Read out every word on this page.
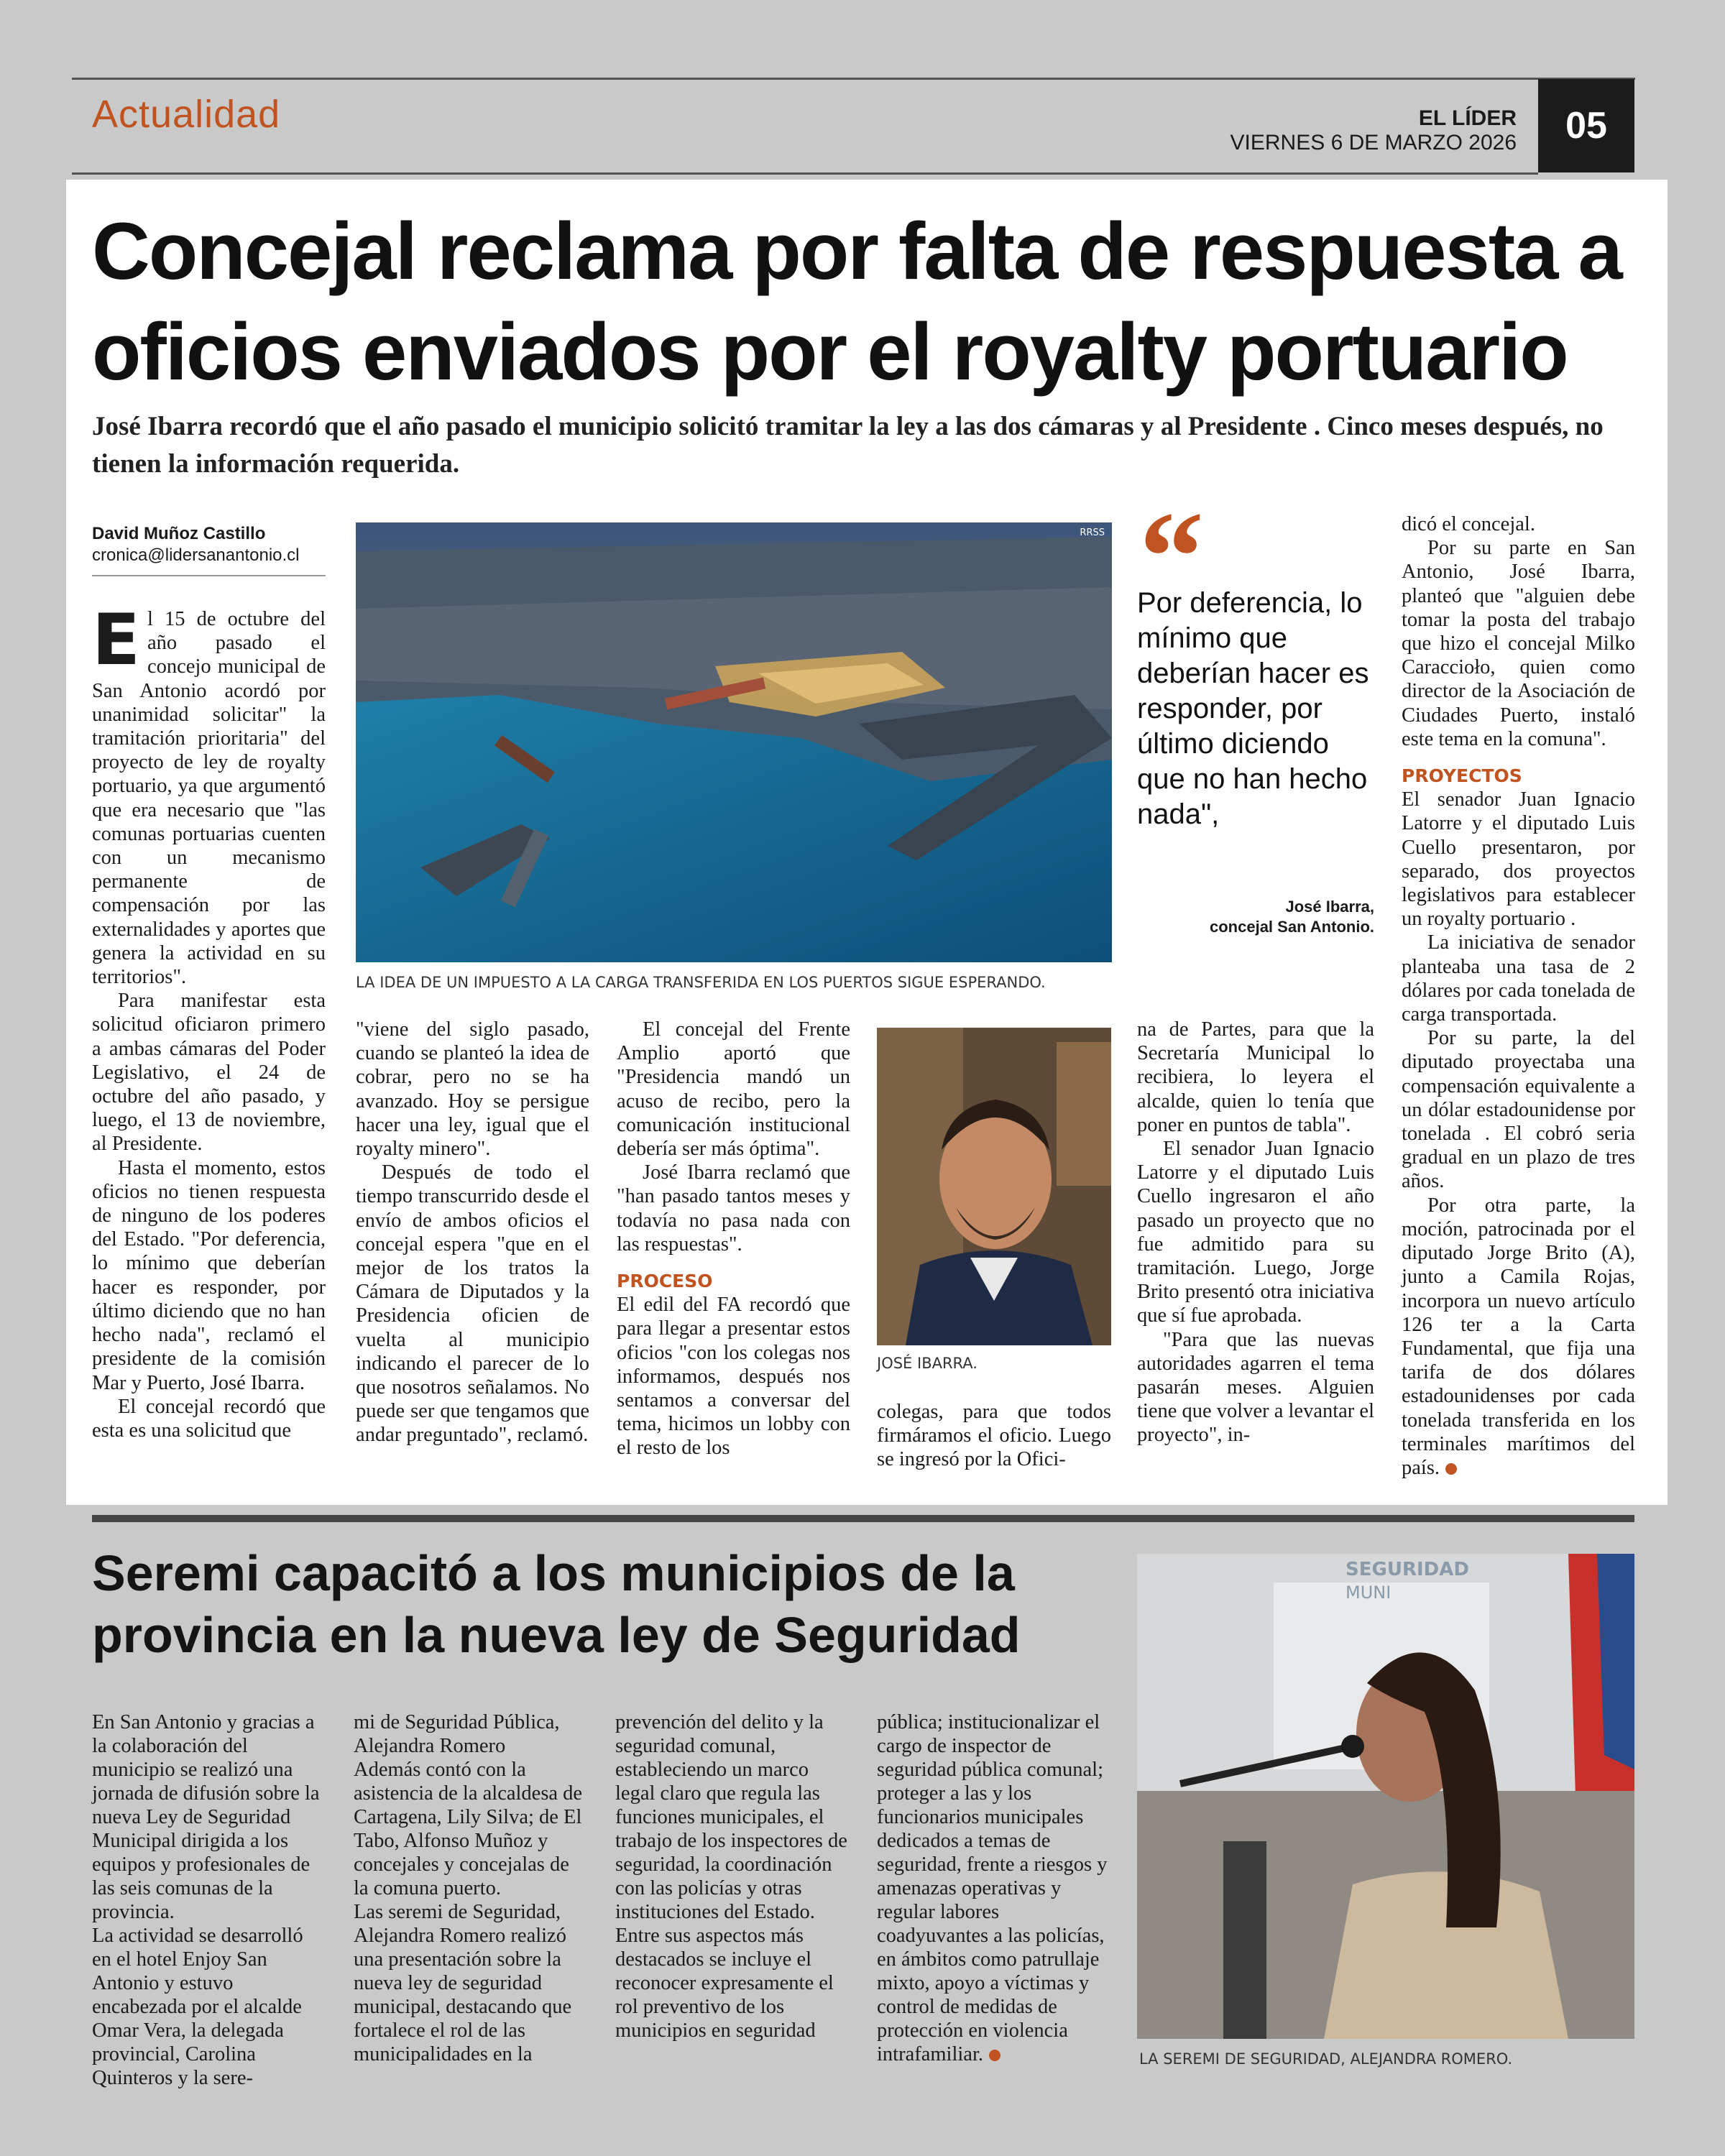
Actualidad	EL LÍDER
VIERNES 6 DE MARZO 2026	05
Concejal reclama por falta de respuesta a oficios enviados por el royalty portuario
José Ibarra recordó que el año pasado el municipio solicitó tramitar la ley a las dos cámaras y al Presidente . Cinco meses después, no tienen la información requerida.
David Muñoz Castillo
cronica@lidersanantonio.cl

El 15 de octubre del año pasado el concejo municipal de San Antonio acordó por unanimidad solicitar" la tramitación prioritaria" del proyecto de ley de royalty portuario, ya que argumentó que era necesario que "las comunas portuarias cuenten con un mecanismo permanente de compensación por las externalidades y aportes que genera la actividad en su territorios".

Para manifestar esta solicitud oficiaron primero a ambas cámaras del Poder Legislativo, el 24 de octubre del año pasado, y luego, el 13 de noviembre, al Presidente.

Hasta el momento, estos oficios no tienen respuesta de ninguno de los poderes del Estado. "Por deferencia, lo mínimo que deberían hacer es responder, por último diciendo que no han hecho nada", reclamó el presidente de la comisión Mar y Puerto, José Ibarra.

El concejal recordó que esta es una solicitud que

RRSS
LA IDEA DE UN IMPUESTO A LA CARGA TRANSFERIDA EN LOS PUERTOS SIGUE ESPERANDO.

"viene del siglo pasado, cuando se planteó la idea de cobrar, pero no se ha avanzado. Hoy se persigue hacer una ley, igual que el royalty minero".

Después de todo el tiempo transcurrido desde el envío de ambos oficios el concejal espera "que en el mejor de los tratos la Cámara de Diputados y la Presidencia oficien de vuelta al municipio indicando el parecer de lo que nosotros señalamos. No puede ser que tengamos que andar preguntado", reclamó.

El concejal del Frente Amplio aportó que "Presidencia mandó un acuso de recibo, pero la comunicación institucional debería ser más óptima".

José Ibarra reclamó que "han pasado tantos meses y todavía no pasa nada con las respuestas".

PROCESO

El edil del FA recordó que para llegar a presentar estos oficios "con los colegas nos informamos, después nos sentamos a conversar del tema, hicimos un lobby con el resto de los

JOSÉ IBARRA.

colegas, para que todos firmáramos el oficio. Luego se ingresó por la Ofici-

“
Por deferencia, lo mínimo que deberían hacer es responder, por último diciendo que no han hecho nada",
José Ibarra,
concejal San Antonio.

na de Partes, para que la Secretaría Municipal lo recibiera, lo leyera el alcalde, quien lo tenía que poner en puntos de tabla".

El senador Juan Ignacio Latorre y el diputado Luis Cuello ingresaron el año pasado un proyecto que no fue admitido para su tramitación. Luego, Jorge Brito presentó otra iniciativa que sí fue aprobada.

"Para que las nuevas autoridades agarren el tema pasarán meses. Alguien tiene que volver a levantar el proyecto", in-

dicó el concejal.

Por su parte en San Antonio, José Ibarra, planteó que "alguien debe tomar la posta del trabajo que hizo el concejal Milko Caraccioło, quien como director de la Asociación de Ciudades Puerto, instaló este tema en la comuna".

PROYECTOS

El senador Juan Ignacio Latorre y el diputado Luis Cuello presentaron, por separado, dos proyectos legislativos para establecer un royalty portuario .

La iniciativa de senador planteaba una tasa de 2 dólares por cada tonelada de carga transportada.

Por su parte, la del diputado proyectaba una compensación equivalente a un dólar estadounidense por tonelada . El cobró seria gradual en un plazo de tres años.

Por otra parte, la moción, patrocinada por el diputado Jorge Brito (A), junto a Camila Rojas, incorpora un nuevo artículo 126 ter a la Carta Fundamental, que fija una tarifa de dos dólares estadounidenses por cada tonelada transferida en los terminales marítimos del país.

Seremi capacitó a los municipios de la provincia en la nueva ley de Seguridad

En San Antonio y gracias a la colaboración del municipio se realizó una jornada de difusión sobre la nueva Ley de Seguridad Municipal dirigida a los equipos y profesionales de las seis comunas de la provincia.

La actividad se desarrolló en el hotel Enjoy San Antonio y estuvo encabezada por el alcalde Omar Vera, la delegada provincial, Carolina Quinteros y la sere-

mi de Seguridad Pública, Alejandra Romero

Además contó con la asistencia de la alcaldesa de Cartagena, Lily Silva; de El Tabo, Alfonso Muñoz y concejales y concejalas de la comuna puerto.

Las seremi de Seguridad, Alejandra Romero realizó una presentación sobre la nueva ley de seguridad municipal, destacando que fortalece el rol de las municipalidades en la

prevención del delito y la seguridad comunal, estableciendo un marco legal claro que regula las funciones municipales, el trabajo de los inspectores de seguridad, la coordinación con las policías y otras instituciones del Estado.

Entre sus aspectos más destacados se incluye el reconocer expresamente el rol preventivo de los municipios en seguridad

pública; institucionalizar el cargo de inspector de seguridad pública comunal; proteger a las y los funcionarios municipales dedicados a temas de seguridad, frente a riesgos y amenazas operativas y regular labores coadyuvantes a las policías, en ámbitos como patrullaje mixto, apoyo a víctimas y control de medidas de protección en violencia intrafamiliar.

SEGURIDAD
MUNI
LA SEREMI DE SEGURIDAD, ALEJANDRA ROMERO.
